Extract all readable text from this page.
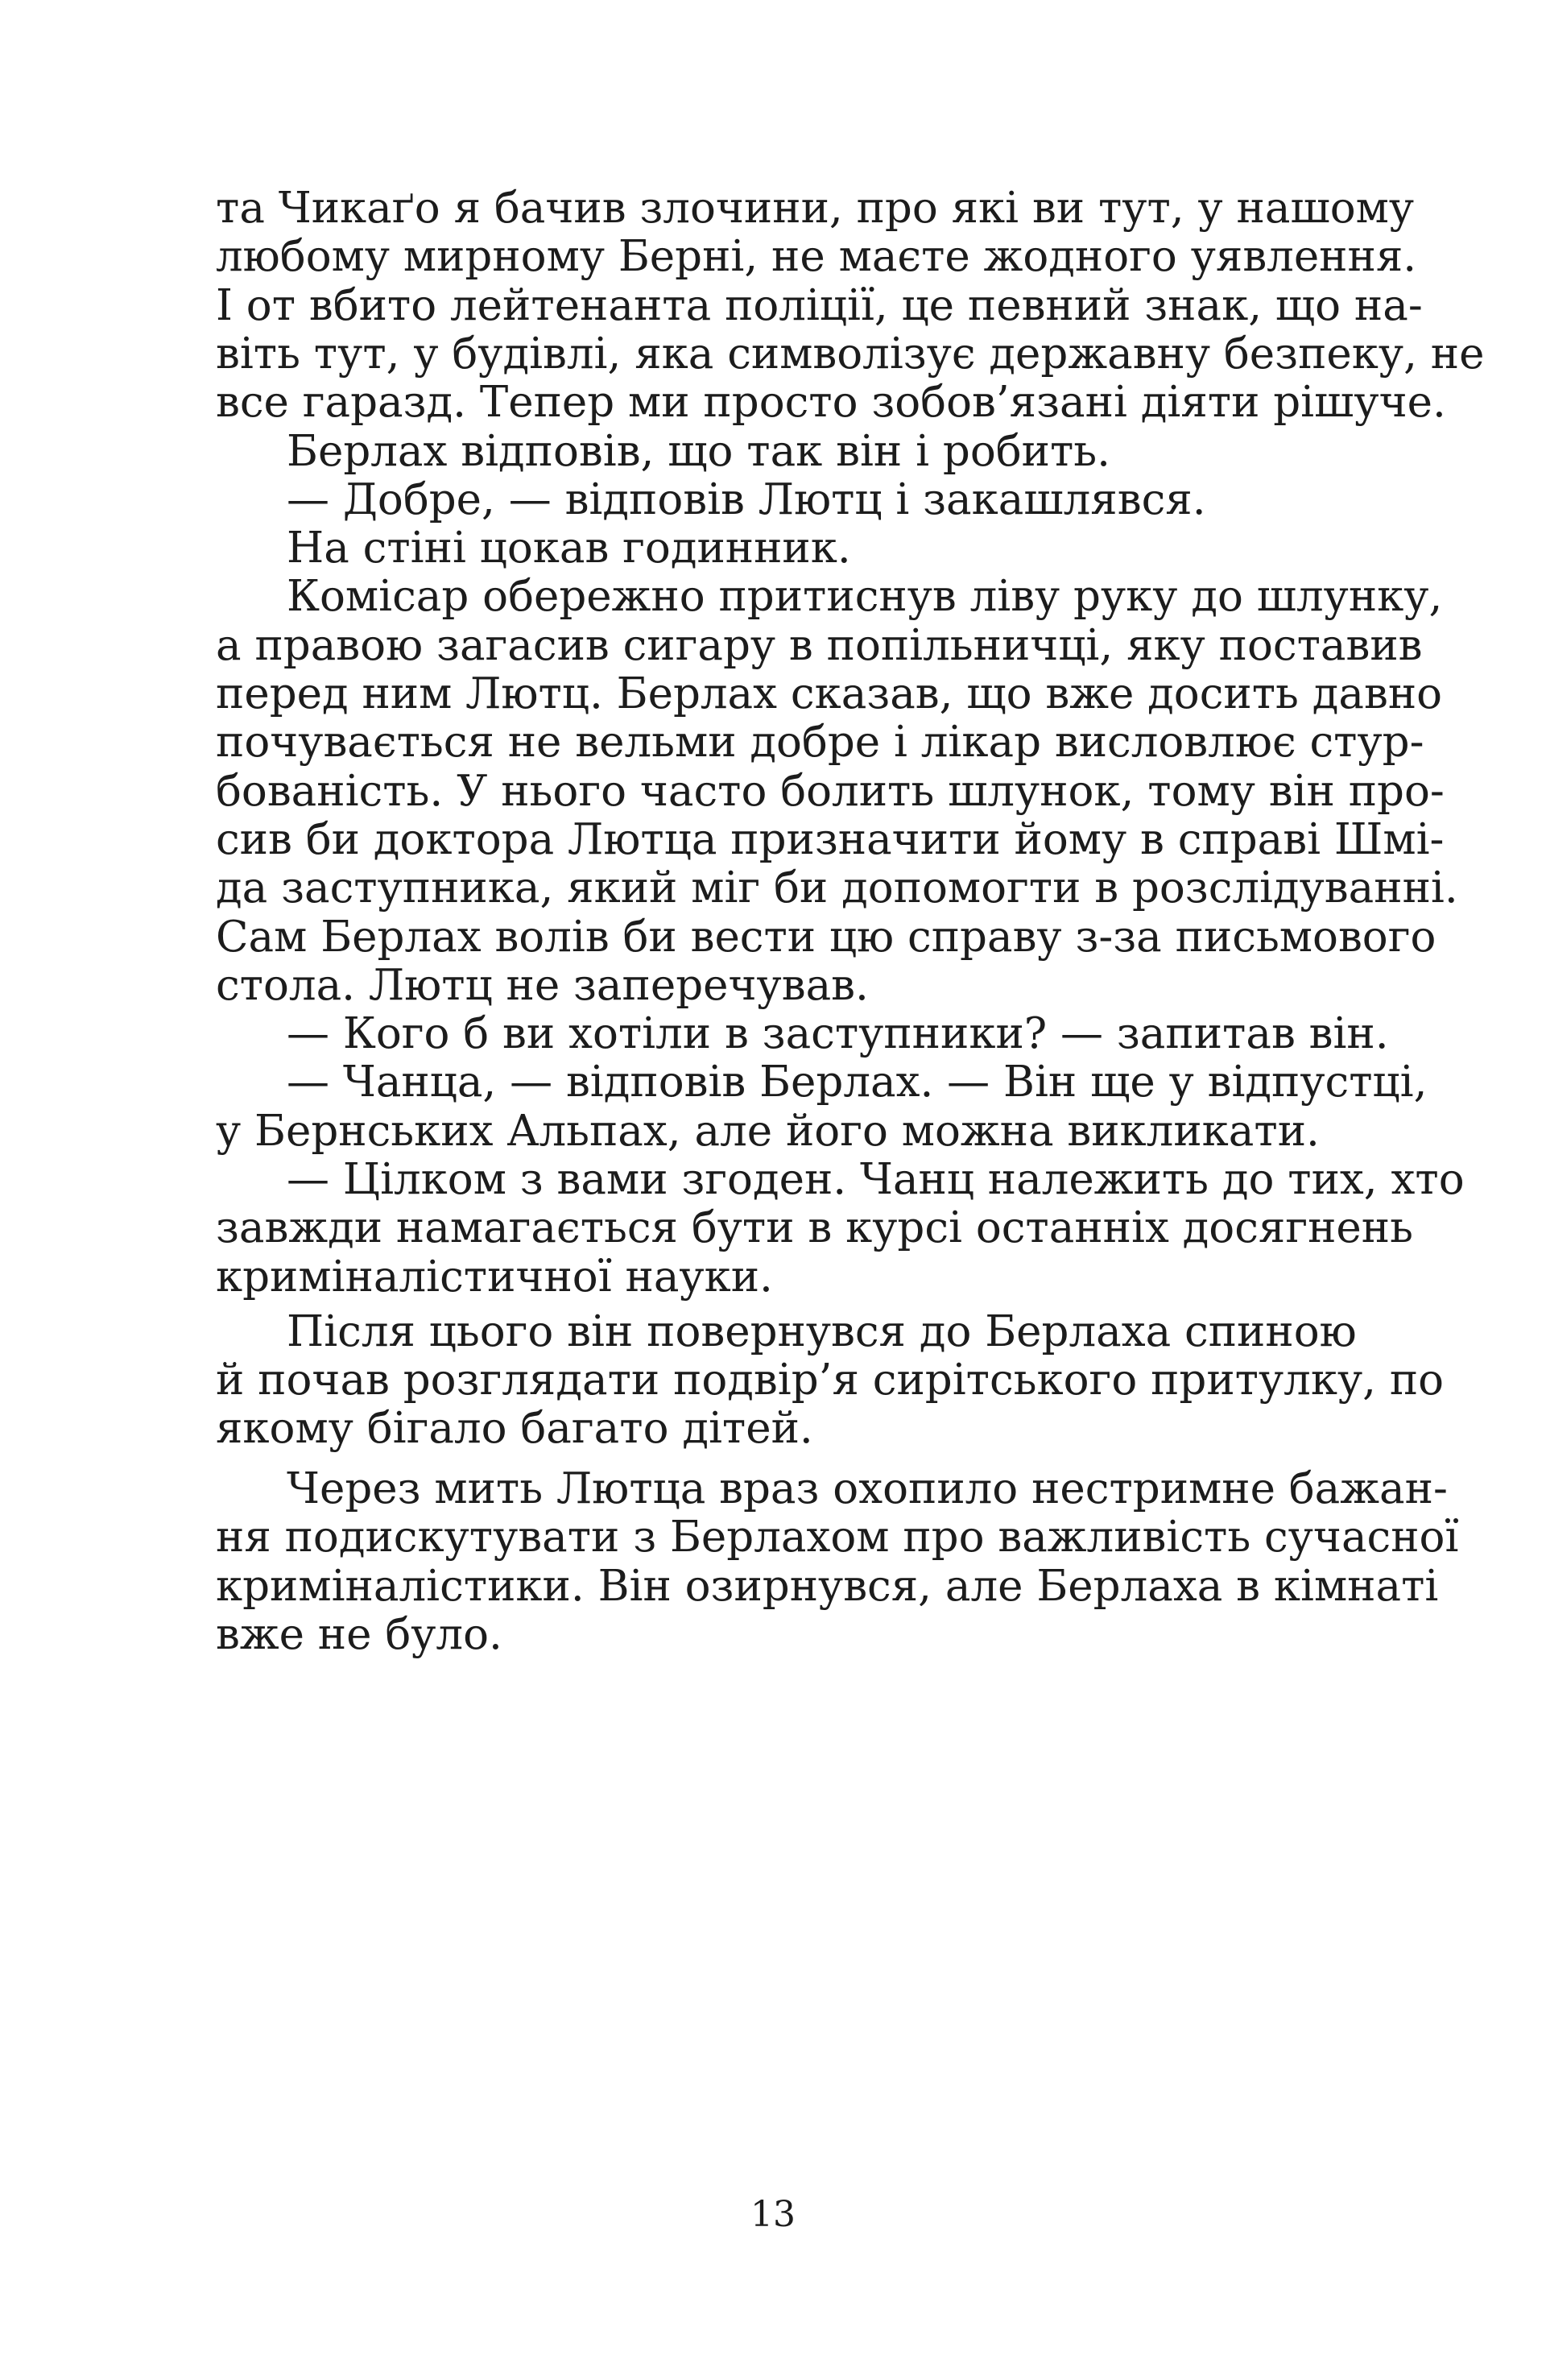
та Чикаґо я бачив злочини, про які ви тут, у нашому
любому мирному Берні, не маєте жодного уявлення.
І от вбито лейтенанта поліції, це певний знак, що на-
віть тут, у будівлі, яка символізує державну безпеку, не
все гаразд. Тепер ми просто зобов’язані діяти рішуче.
Берлах відповів, що так він і робить.
— Добре, — відповів Лютц і закашлявся.
На стіні цокав годинник.
Комісар обережно притиснув ліву руку до шлунку,
а правою загасив сигару в попільничці, яку поставив
перед ним Лютц. Берлах сказав, що вже досить давно
почувається не вельми добре і лікар висловлює стур-
бованість. У нього часто болить шлунок, тому він про-
сив би доктора Лютца призначити йому в справі Шмі-
да заступника, який міг би допомогти в розслідуванні.
Сам Берлах волів би вести цю справу з-за письмового
стола. Лютц не заперечував.
— Кого б ви хотіли в заступники? — запитав він.
— Чанца, — відповів Берлах. — Він ще у відпустці,
у Бернських Альпах, але його можна викликати.
— Цілком з вами згоден. Чанц належить до тих, хто
завжди намагається бути в курсі останніх досягнень
криміналістичної науки.
Після цього він повернувся до Берлаха спиною
й почав розглядати подвір’я сирітського притулку, по
якому бігало багато дітей.
Через мить Лютца враз охопило нестримне бажан-
ня подискутувати з Берлахом про важливість сучасної
криміналістики. Він озирнувся, але Берлаха в кімнаті
вже не було.
13
